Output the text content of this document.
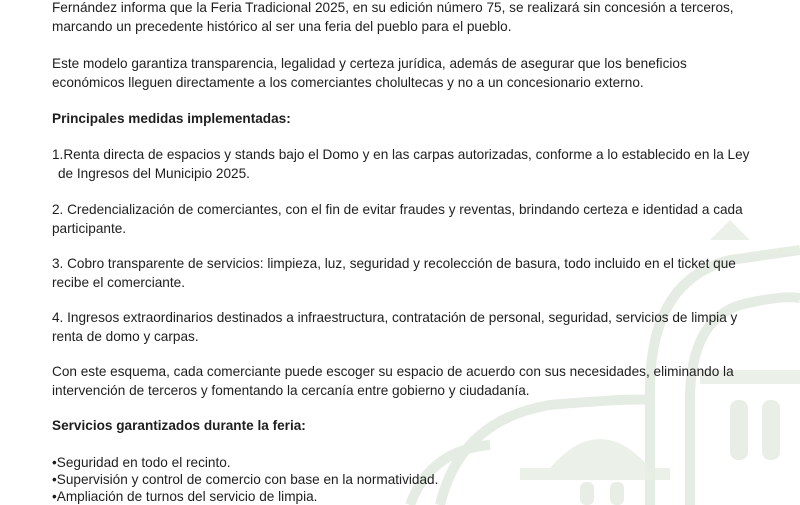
Fernández informa que la Feria Tradicional 2025, en su edición número 75, se realizará sin concesión a terceros, marcando un precedente histórico al ser una feria del pueblo para el pueblo.

Este modelo garantiza transparencia, legalidad y certeza jurídica, además de asegurar que los beneficios económicos lleguen directamente a los comerciantes cholultecas y no a un concesionario externo.

Principales medidas implementadas:

1.Renta directa de espacios y stands bajo el Domo y en las carpas autorizadas, conforme a lo establecido en la Ley de Ingresos del Municipio 2025.

2. Credencialización de comerciantes, con el fin de evitar fraudes y reventas, brindando certeza e identidad a cada participante.

3. Cobro transparente de servicios: limpieza, luz, seguridad y recolección de basura, todo incluido en el ticket que recibe el comerciante.

4. Ingresos extraordinarios destinados a infraestructura, contratación de personal, seguridad, servicios de limpia y renta de domo y carpas.

Con este esquema, cada comerciante puede escoger su espacio de acuerdo con sus necesidades, eliminando la intervención de terceros y fomentando la cercanía entre gobierno y ciudadanía.

Servicios garantizados durante la feria:

•Seguridad en todo el recinto.

•Supervisión y control de comercio con base en la normatividad.

•Ampliación de turnos del servicio de limpia.
